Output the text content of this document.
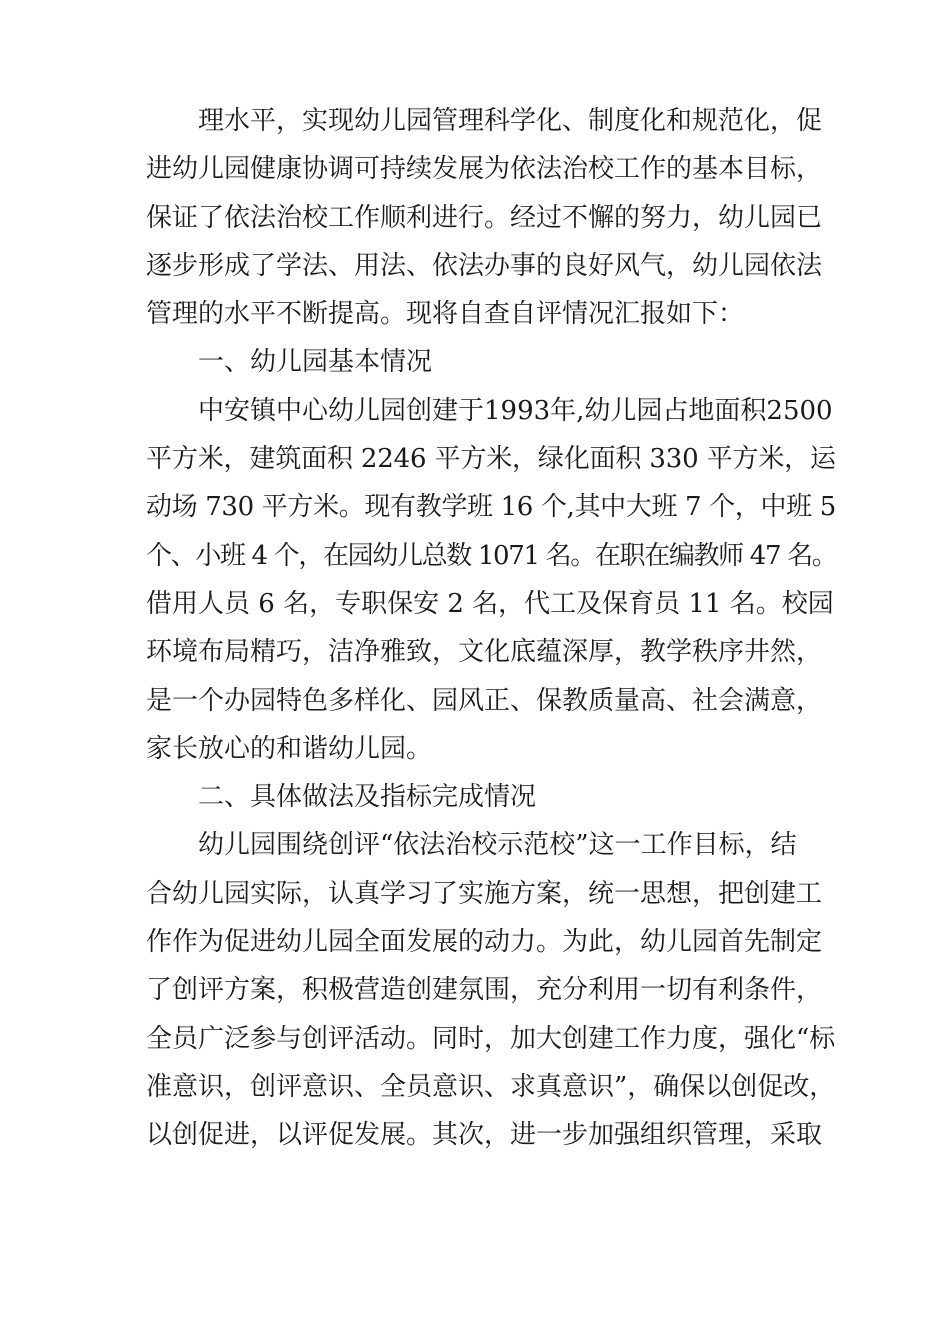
理水平，实现幼儿园管理科学化、制度化和规范化，促
进幼儿园健康协调可持续发展为依法治校工作的基本目标，
保证了依法治校工作顺利进行。经过不懈的努力，幼儿园已
逐步形成了学法、用法、依法办事的良好风气，幼儿园依法
管理的水平不断提高。现将自查自评情况汇报如下：
一、幼儿园基本情况
中安镇中心幼儿园创建于1993年,幼儿园占地面积2500
平方米，建筑面积 2246 平方米，绿化面积 330 平方米，运
动场 730 平方米。现有教学班 16 个,其中大班 7 个，中班 5
个、小班 4 个，在园幼儿总数 1071 名。在职在编教师 47 名。
借用人员 6 名，专职保安 2 名，代工及保育员 11 名。校园
环境布局精巧，洁净雅致，文化底蕴深厚，教学秩序井然，
是一个办园特色多样化、园风正、保教质量高、社会满意，
家长放心的和谐幼儿园。
二、具体做法及指标完成情况
幼儿园围绕创评“依法治校示范校”这一工作目标，结
合幼儿园实际，认真学习了实施方案，统一思想，把创建工
作作为促进幼儿园全面发展的动力。为此，幼儿园首先制定
了创评方案，积极营造创建氛围，充分利用一切有利条件，
全员广泛参与创评活动。同时，加大创建工作力度，强化“标
准意识，创评意识、全员意识、求真意识”，确保以创促改，
以创促进，以评促发展。其次，进一步加强组织管理，采取
